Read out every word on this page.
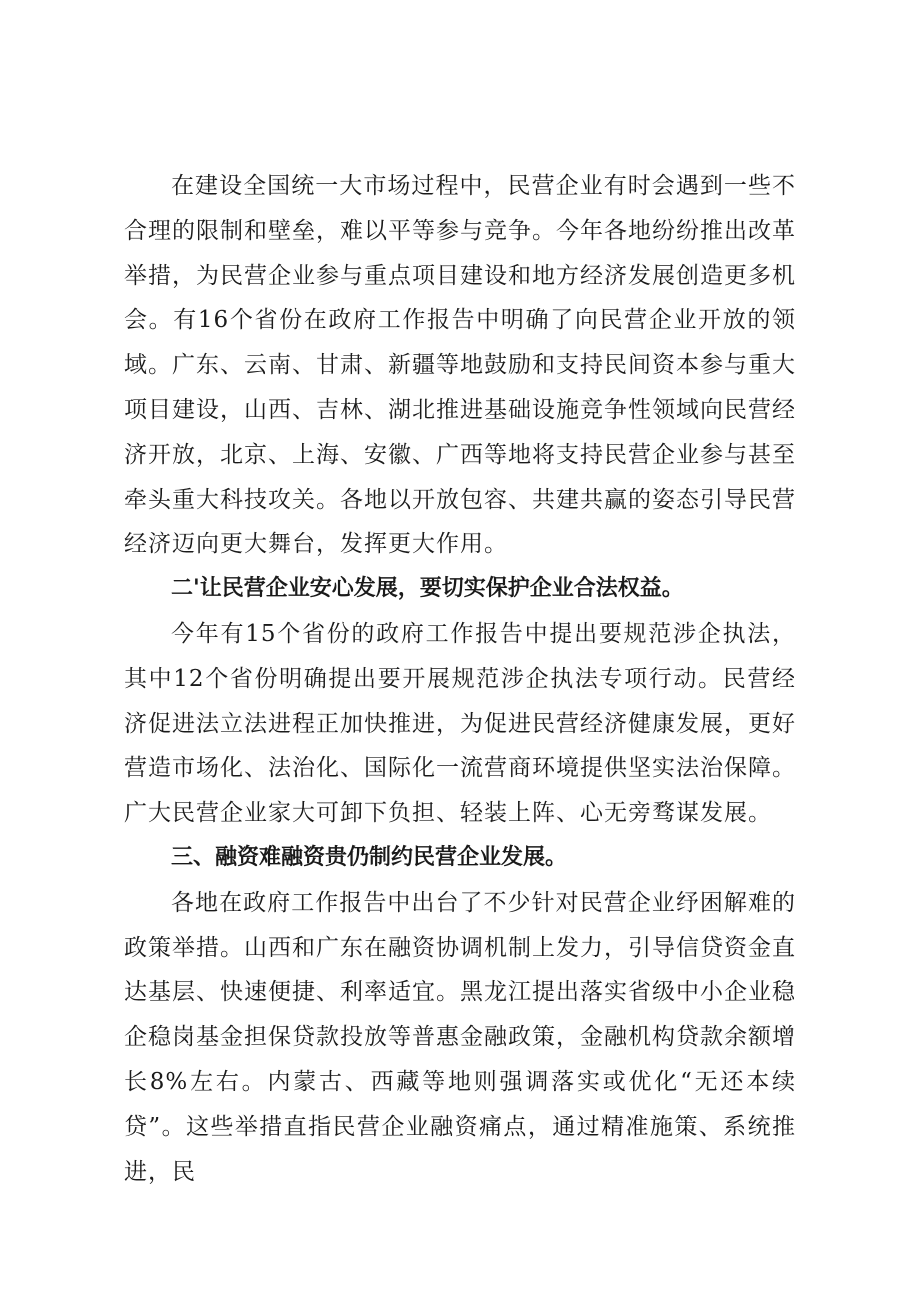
在建设全国统一大市场过程中，民营企业有时会遇到一些不合理的限制和壁垒，难以平等参与竞争。今年各地纷纷推出改革举措，为民营企业参与重点项目建设和地方经济发展创造更多机会。有16个省份在政府工作报告中明确了向民营企业开放的领域。广东、云南、甘肃、新疆等地鼓励和支持民间资本参与重大项目建设，山西、吉林、湖北推进基础设施竞争性领域向民营经济开放，北京、上海、安徽、广西等地将支持民营企业参与甚至牵头重大科技攻关。各地以开放包容、共建共赢的姿态引导民营经济迈向更大舞台，发挥更大作用。

二'让民营企业安心发展，要切实保护企业合法权益。

今年有15个省份的政府工作报告中提出要规范涉企执法，其中12个省份明确提出要开展规范涉企执法专项行动。民营经济促进法立法进程正加快推进，为促进民营经济健康发展，更好营造市场化、法治化、国际化一流营商环境提供坚实法治保障。广大民营企业家大可卸下负担、轻装上阵、心无旁骛谋发展。

三、融资难融资贵仍制约民营企业发展。

各地在政府工作报告中出台了不少针对民营企业纾困解难的政策举措。山西和广东在融资协调机制上发力，引导信贷资金直达基层、快速便捷、利率适宜。黑龙江提出落实省级中小企业稳企稳岗基金担保贷款投放等普惠金融政策，金融机构贷款余额增长8%左右。内蒙古、西藏等地则强调落实或优化“无还本续贷”。这些举措直指民营企业融资痛点，通过精准施策、系统推进，民
